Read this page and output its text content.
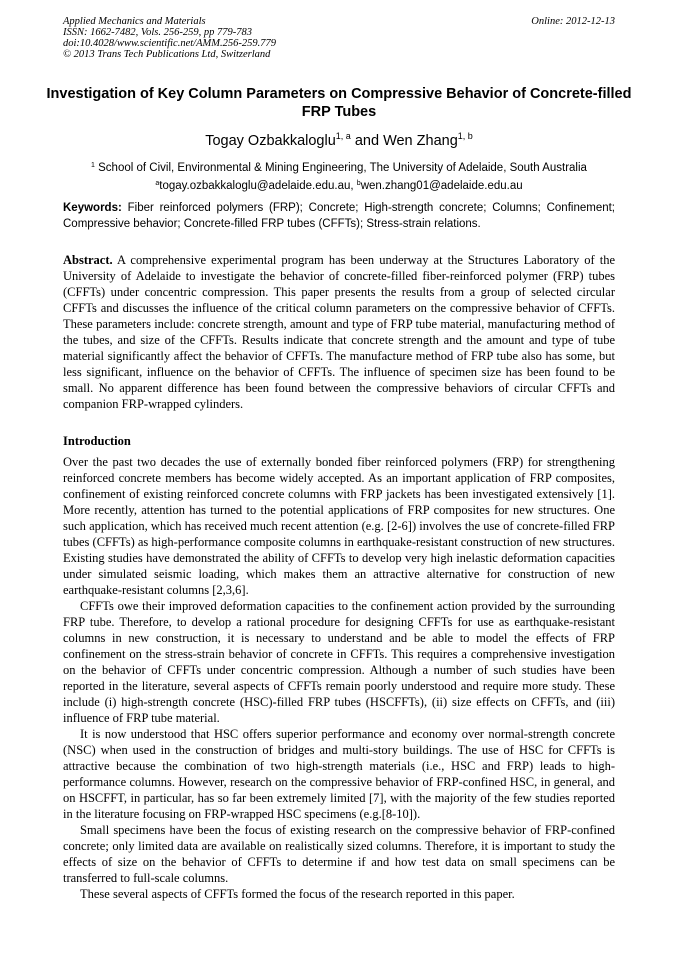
Applied Mechanics and Materials
ISSN: 1662-7482, Vols. 256-259, pp 779-783
doi:10.4028/www.scientific.net/AMM.256-259.779
© 2013 Trans Tech Publications Ltd, Switzerland
Online: 2012-12-13
Investigation of Key Column Parameters on Compressive Behavior of Concrete-filled FRP Tubes
Togay Ozbakkaloglu$^{1, a}$ and Wen Zhang$^{1, b}$
$^1$ School of Civil, Environmental & Mining Engineering, The University of Adelaide, South Australia
$^a$togay.ozbakkaloglu@adelaide.edu.au, $^b$wen.zhang01@adelaide.edu.au
Keywords: Fiber reinforced polymers (FRP); Concrete; High-strength concrete; Columns; Confinement; Compressive behavior; Concrete-filled FRP tubes (CFFTs); Stress-strain relations.
Abstract. A comprehensive experimental program has been underway at the Structures Laboratory of the University of Adelaide to investigate the behavior of concrete-filled fiber-reinforced polymer (FRP) tubes (CFFTs) under concentric compression. This paper presents the results from a group of selected circular CFFTs and discusses the influence of the critical column parameters on the compressive behavior of CFFTs. These parameters include: concrete strength, amount and type of FRP tube material, manufacturing method of the tubes, and size of the CFFTs. Results indicate that concrete strength and the amount and type of tube material significantly affect the behavior of CFFTs. The manufacture method of FRP tube also has some, but less significant, influence on the behavior of CFFTs. The influence of specimen size has been found to be small. No apparent difference has been found between the compressive behaviors of circular CFFTs and companion FRP-wrapped cylinders.
Introduction

Over the past two decades the use of externally bonded fiber reinforced polymers (FRP) for strengthening reinforced concrete members has become widely accepted. As an important application of FRP composites, confinement of existing reinforced concrete columns with FRP jackets has been investigated extensively [1]. More recently, attention has turned to the potential applications of FRP composites for new structures. One such application, which has received much recent attention (e.g. [2-6]) involves the use of concrete-filled FRP tubes (CFFTs) as high-performance composite columns in earthquake-resistant construction of new structures. Existing studies have demonstrated the ability of CFFTs to develop very high inelastic deformation capacities under simulated seismic loading, which makes them an attractive alternative for construction of new earthquake-resistant columns [2,3,6].

CFFTs owe their improved deformation capacities to the confinement action provided by the surrounding FRP tube. Therefore, to develop a rational procedure for designing CFFTs for use as earthquake-resistant columns in new construction, it is necessary to understand and be able to model the effects of FRP confinement on the stress-strain behavior of concrete in CFFTs. This requires a comprehensive investigation on the behavior of CFFTs under concentric compression. Although a number of such studies have been reported in the literature, several aspects of CFFTs remain poorly understood and require more study. These include (i) high-strength concrete (HSC)-filled FRP tubes (HSCFFTs), (ii) size effects on CFFTs, and (iii) influence of FRP tube material.

It is now understood that HSC offers superior performance and economy over normal-strength concrete (NSC) when used in the construction of bridges and multi-story buildings. The use of HSC for CFFTs is attractive because the combination of two high-strength materials (i.e., HSC and FRP) leads to high-performance columns. However, research on the compressive behavior of FRP-confined HSC, in general, and on HSCFFT, in particular, has so far been extremely limited [7], with the majority of the few studies reported in the literature focusing on FRP-wrapped HSC specimens (e.g.[8-10]).

Small specimens have been the focus of existing research on the compressive behavior of FRP-confined concrete; only limited data are available on realistically sized columns. Therefore, it is important to study the effects of size on the behavior of CFFTs to determine if and how test data on small specimens can be transferred to full-scale columns.

These several aspects of CFFTs formed the focus of the research reported in this paper.
